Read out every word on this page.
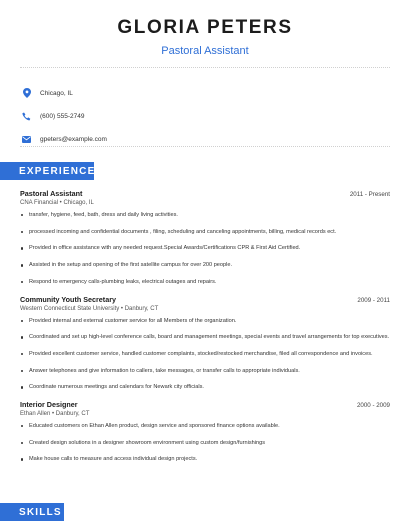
GLORIA PETERS
Pastoral Assistant
Chicago, IL
(600) 555-2749
gpeters@example.com
EXPERIENCE
Pastoral Assistant	2011 - Present
CNA Financial • Chicago, IL
transfer, hygiene, feed, bath, dress and daily living activities.
processed incoming and confidential documents , filing, scheduling and canceling appointments, billing, medical records ect.
Provided in office assistance with any needed request.Special Awards/Certifications CPR & First Aid Certified.
Assisted in the setup and opening of the first satellite campus for over 200 people.
Respond to emergency calls-plumbing leaks, electrical outages and repairs.
Community Youth Secretary	2009 - 2011
Western Connecticut State University • Danbury, CT
Provided internal and external customer service for all Members of the organization.
Coordinated and set up high-level conference calls, board and management meetings, special events and travel arrangements for top executives.
Provided excellent customer service, handled customer complaints, stocked/restocked merchandise, filed all correspondence and invoices.
Answer telephones and give information to callers, take messages, or transfer calls to appropriate individuals.
Coordinate numerous meetings and calendars for Newark city officials.
Interior Designer	2000 - 2009
Ethan Allen • Danbury, CT
Educated customers on Ethan Allen product, design service and sponsored finance options available.
Created design solutions in a designer showroom environment using custom design/furnishings
Make house calls to measure and access individual design projects.
SKILLS
